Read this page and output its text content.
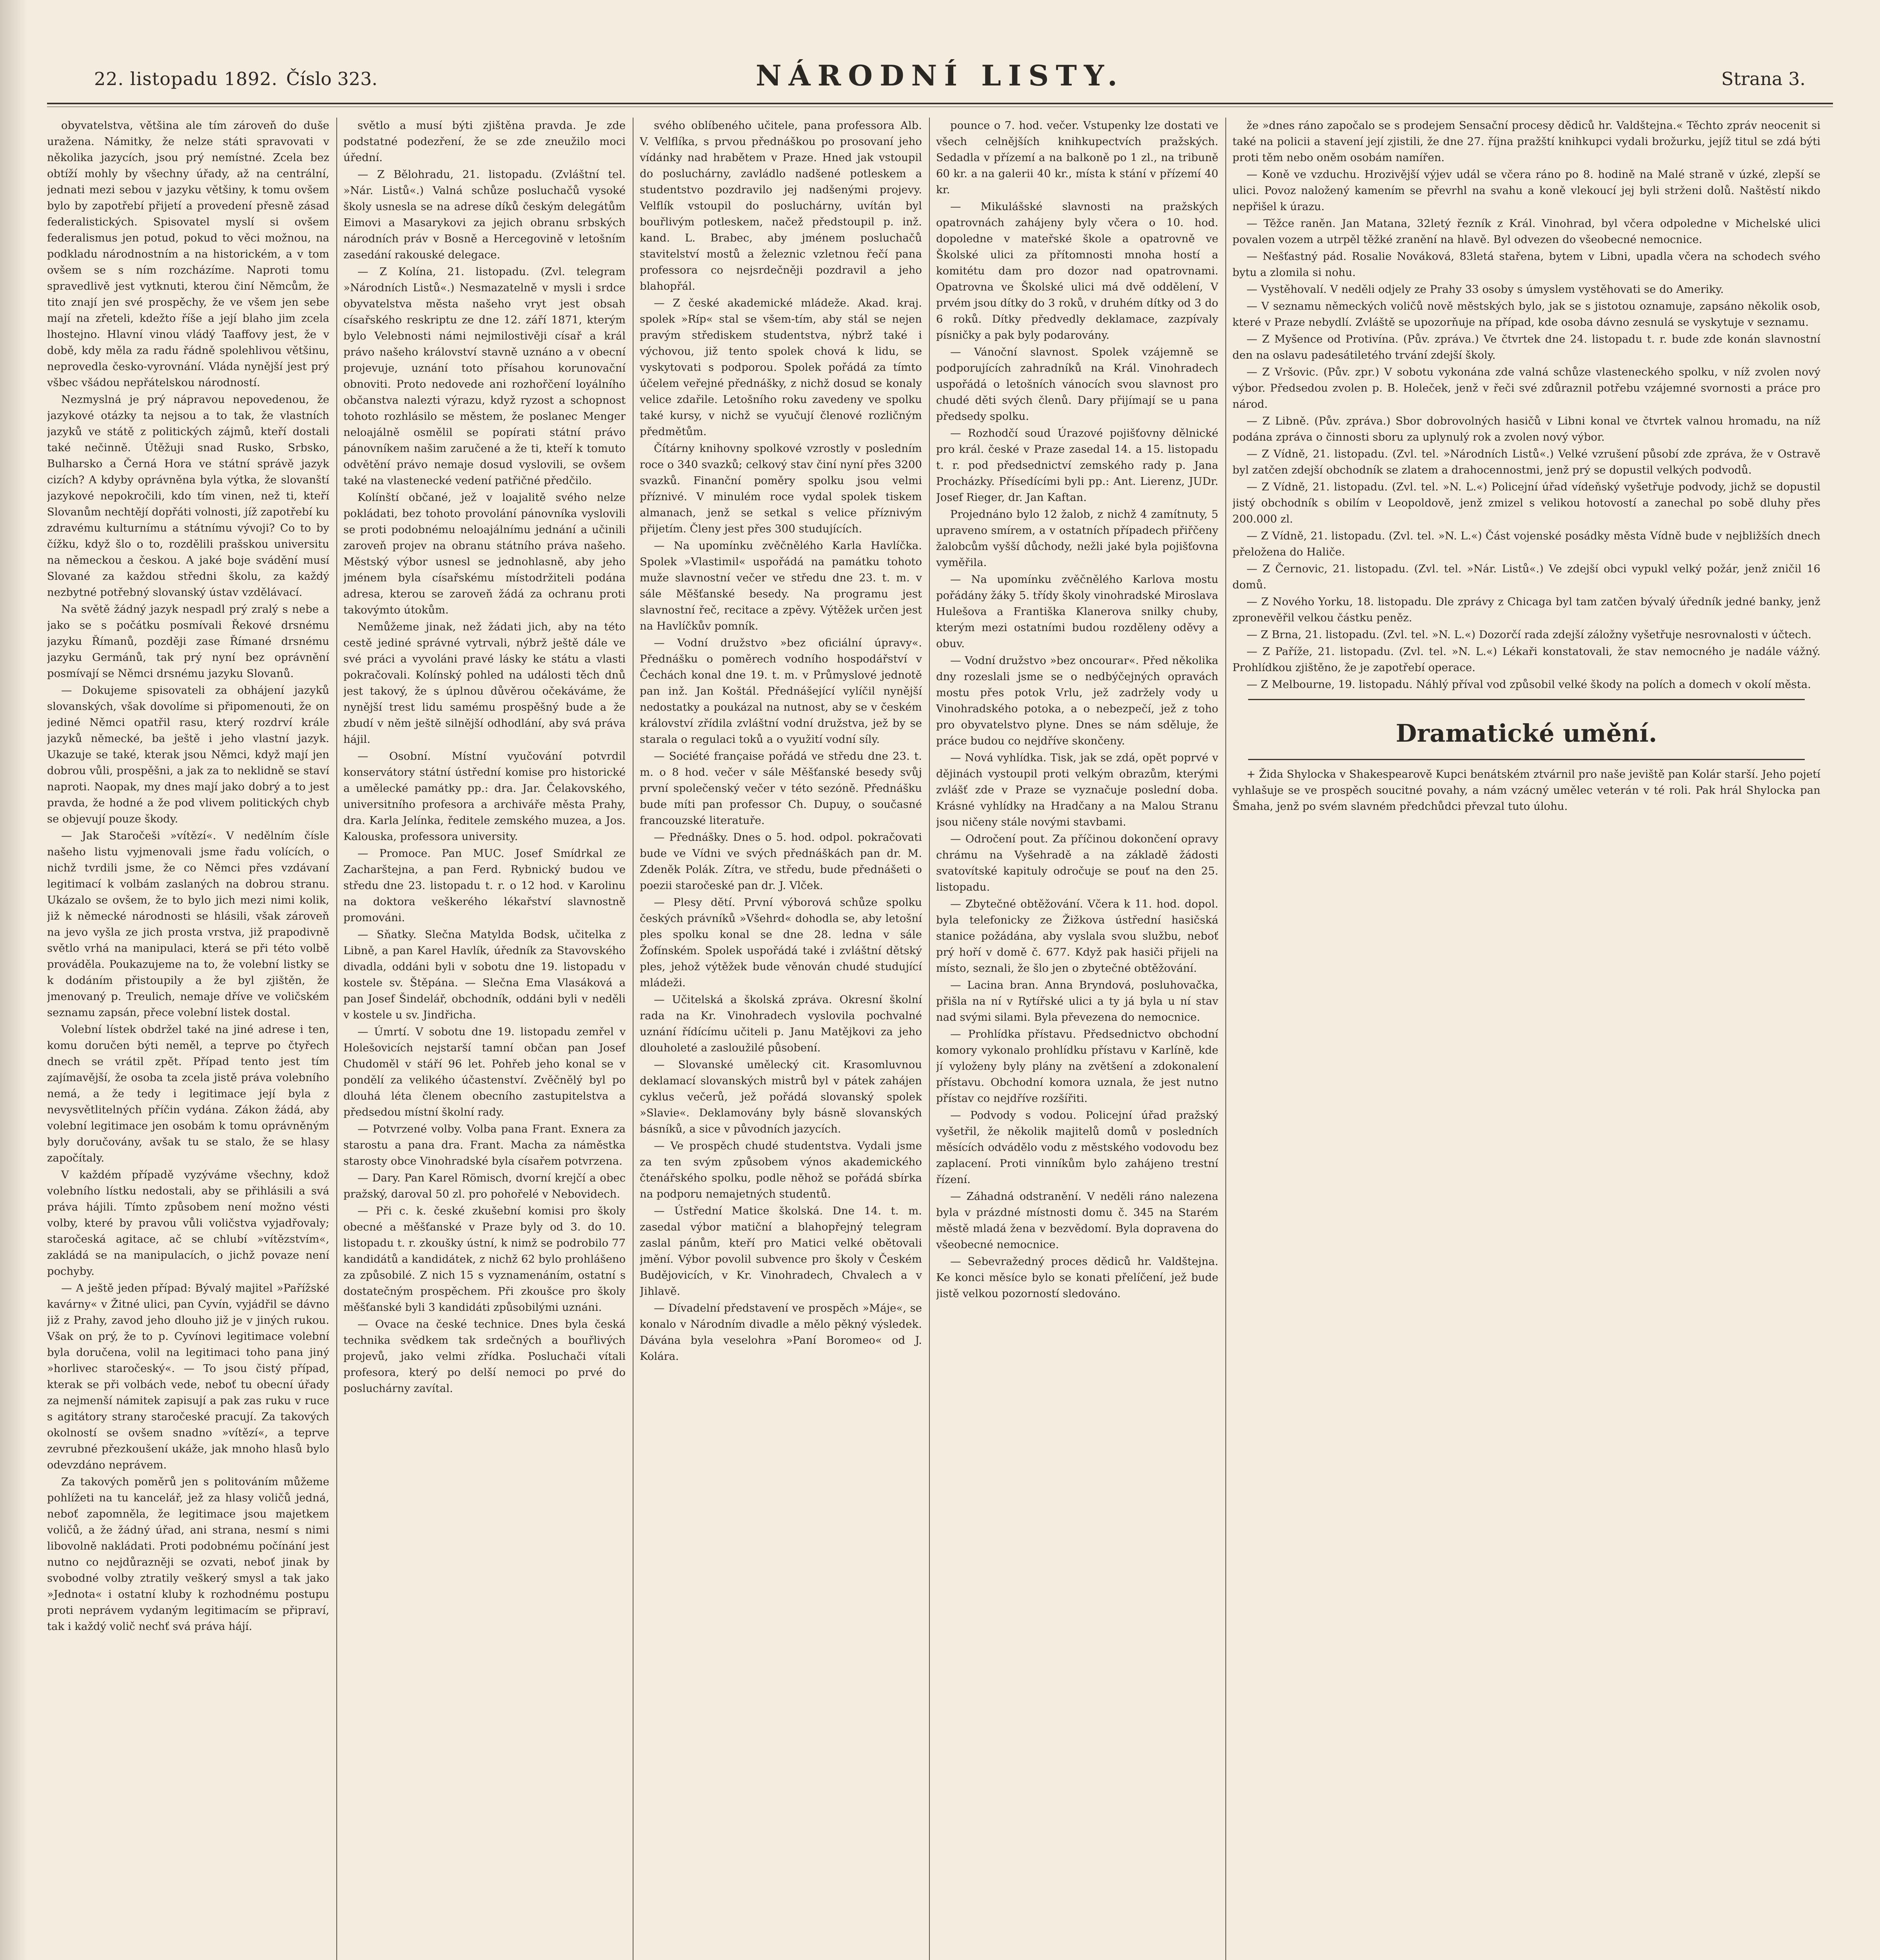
22. listopadu 1892. Číslo 323.	NÁRODNÍ LISTY.	Strana 3.

obyvatelstva, většina ale tím zároveň do duše uražena. Námitky, že nelze státi spravovati v několika jazycích, jsou prý nemístné. Zcela bez obtíží mohly by všechny úřady, až na centrální, jednati mezi sebou v jazyku většiny, k tomu ovšem bylo by zapotřebí přijetí a provedení přesně zásad federalistických. Spisovatel myslí si ovšem federalismus jen potud, pokud to věci možnou, na podkladu národnostním a na historickém, a v tom ovšem se s ním rozcházíme. Naproti tomu spravedlivě jest vytknuti, kterou činí Němcům, že tito znají jen své prospěchy, že ve všem jen sebe mají na zřeteli, kdežto říše a její blaho jim zcela lhostejno. Hlavní vinou vládý Taaffovy jest, že v době, kdy měla za radu řádně spolehlivou většinu, neprovedla česko-vyrovnání. Vláda nynější jest prý všbec všádou nepřátelskou národností.

Nezmyslná je prý nápravou nepovedenou, že jazykové otázky ta nejsou a to tak, že vlastních jazyků ve státě z politických zájmů, kteří dostali také nečinně. Útěžuji snad Rusko, Srbsko, Bulharsko a Černá Hora ve státní správě jazyk cizích? A kdyby oprávněna byla výtka, že slovanští jazykové nepokročili, kdo tím vinen, než ti, kteří Slovanům nechtějí dopřáti volnosti, jíž zapotřebí ku zdravému kulturnímu a státnímu vývoji? Co to by čížku, když šlo o to, rozdělili prašskou universitu na německou a českou. A jaké boje svádění musí Slované za každou středni školu, za každý nezbytné potřebný slovanský ústav vzdělávací.

Na světě žádný jazyk nespadl prý zralý s nebe a jako se s počátku posmívali Řekové drsnému jazyku Římanů, později zase Římané drsnému jazyku Germánů, tak prý nyní bez oprávnění posmívají se Němci drsnému jazyku Slovanů.

— Dokujeme spisovateli za obhájení jazyků slovanských, však dovolíme si připomenouti, že on jediné Němci opatřil rasu, který rozdrví krále jazyků německé, ba ještě i jeho vlastní jazyk. Ukazuje se také, kterak jsou Němci, když mají jen dobrou vůli, prospěšni, a jak za to neklidně se staví naproti. Naopak, my dnes mají jako dobrý a to jest pravda, že hodné a že pod vlivem politických chyb se objevují pouze škody.

— Jak Staročeši »vítězí«. V nedělním čísle našeho listu vyjmenovali jsme řadu volících, o nichž tvrdili jsme, že co Němci přes vzdávaní legitimací k volbám zaslaných na dobrou stranu. Ukázalo se ovšem, že to bylo jich mezi nimi kolik, již k německé národnosti se hlásili, však zároveň na jevo vyšla ze jich prosta vrstva, již prapodivně světlo vrhá na manipulaci, která se při této volbě prováděla. Poukazujeme na to, že volební listky se k dodáním přistoupily a že byl zjištěn, že jmenovaný p. Treulich, nemaje dříve ve voličském seznamu zapsán, přece volební listek dostal.

Volební lístek obdržel také na jiné adrese i ten, komu doručen býti neměl, a teprve po čtyřech dnech se vrátil zpět. Případ tento jest tím zajímavější, že osoba ta zcela jistě práva volebního nemá, a že tedy i legitimace její byla z nevysvětlitelných příčin vydána. Zákon žádá, aby volební legitimace jen osobám k tomu oprávněným byly doručovány, avšak tu se stalo, že se hlasy započítaly.

V každém případě vyzýváme všechny, kdož volebního lístku nedostali, aby se přihlásili a svá práva hájili. Tímto způsobem není možno vésti volby, které by pravou vůli voličstva vyjadřovaly; staročeská agitace, ač se chlubí »vítězstvím«, zakládá se na manipulacích, o jichž povaze není pochyby.

— A ještě jeden případ: Bývalý majitel »Pařížské kavárny« v Žitné ulici, pan Cyvín, vyjádřil se dávno již z Prahy, zavod jeho dlouho již je v jiných rukou. Však on prý, že to p. Cyvínovi legitimace volební byla doručena, volil na legitimaci toho pana jiný »horlivec staročeský«. — To jsou čistý případ, kterak se při volbách vede, neboť tu obecní úřady za nejmenší námitek zapisují a pak zas ruku v ruce s agitátory strany staročeské pracují. Za takových okolností se ovšem snadno »vítězí«, a teprve zevrubné přezkoušení ukáže, jak mnoho hlasů bylo odevzdáno neprávem.

Za takových poměrů jen s politováním můžeme pohlížeti na tu kancelář, jež za hlasy voličů jedná, neboť zapomněla, že legitimace jsou majetkem voličů, a že žádný úřad, ani strana, nesmí s nimi libovolně nakládati. Proti podobnému počínání jest nutno co nejdůrazněji se ozvati, neboť jinak by svobodné volby ztratily veškerý smysl a tak jako »Jednota« i ostatní kluby k rozhodnému postupu proti neprávem vydaným legitimacím se připraví, tak i každý volič nechť svá práva hájí.

světlo a musí býti zjištěna pravda. Je zde podstatné podezření, že se zde zneužilo moci úřední.

— Z Bělohradu, 21. listopadu. (Zvláštní tel. »Nár. Listů«.) Valná schůze posluchačů vysoké školy usnesla se na adrese díků českým delegátům Eimovi a Masarykovi za jejich obranu srbských národních práv v Bosně a Hercegovině v letošním zasedání rakouské delegace.

— Z Kolína, 21. listopadu. (Zvl. telegram »Národních Listů«.) Nesmazatelně v mysli i srdce obyvatelstva města našeho vryt jest obsah císařského reskriptu ze dne 12. září 1871, kterým bylo Velebnosti námi nejmilostivěji císař a král právo našeho království stavně uznáno a v obecní projevuje, uznání toto přísahou korunovační obnoviti. Proto nedovede ani rozhořčení loyálního občanstva nalezti výrazu, když ryzost a schopnost tohoto rozhlásilo se městem, že poslanec Menger neloajálně osmělil se popírati státní právo pánovníkem našim zaručené a že ti, kteří k tomuto odvětění právo nemaje dosud vyslovili, se ovšem také na vlastenecké vedení patřičné předčilo.

Kolínští občané, jež v loajalitě svého nelze pokládati, bez tohoto provolání pánovníka vyslovili se proti podobnému neloajálnímu jednání a učinili zaroveň projev na obranu státního práva našeho. Městský výbor usnesl se jednohlasně, aby jeho jménem byla císařskému místodržiteli podána adresa, kterou se zaroveň žádá za ochranu proti takovýmto útokům.

Nemůžeme jinak, než žádati jich, aby na této cestě jediné správné vytrvali, nýbrž ještě dále ve své práci a vyvoláni pravé lásky ke státu a vlasti pokračovali. Kolínský pohled na události těch dnů jest takový, že s úplnou důvěrou očekáváme, že nynější trest lidu samému prospěšný bude a že zbudí v něm ještě silnější odhodlání, aby svá práva hájil.

— Osobní. Místní vyučování potvrdil konservátory státní ústřední komise pro historické a umělecké památky pp.: dra. Jar. Čelakovského, universitního profesora a archiváře města Prahy, dra. Karla Jelínka, ředitele zemského muzea, a Jos. Kalouska, professora university.

— Promoce. Pan MUC. Josef Smídrkal ze Zacharštejna, a pan Ferd. Rybnický budou ve středu dne 23. listopadu t. r. o 12 hod. v Karolinu na doktora veškerého lékařství slavnostně promováni.

— Sňatky. Slečna Matylda Bodsk, učitelka z Libně, a pan Karel Havlík, úředník za Stavovského divadla, oddáni byli v sobotu dne 19. listopadu v kostele sv. Štěpána. — Slečna Ema Vlasáková a pan Josef Šindelář, obchodník, oddáni byli v neděli v kostele u sv. Jindřicha.

— Úmrtí. V sobotu dne 19. listopadu zemřel v Holešovicích nejstarší tamní občan pan Josef Chudoměl v stáří 96 let. Pohřeb jeho konal se v pondělí za velikého účastenství. Zvěčnělý byl po dlouhá léta členem obecního zastupitelstva a předsedou místní školní rady.

— Potvrzené volby. Volba pana Frant. Exnera za starostu a pana dra. Frant. Macha za náměstka starosty obce Vinohradské byla císařem potvrzena.

— Dary. Pan Karel Römisch, dvorní krejčí a obec pražský, daroval 50 zl. pro pohořelé v Nebovidech.

— Při c. k. české zkušební komisi pro školy obecné a měšťanské v Praze byly od 3. do 10. listopadu t. r. zkoušky ústní, k nimž se podrobilo 77 kandidátů a kandidátek, z nichž 62 bylo prohlášeno za způsobilé. Z nich 15 s vyznamenáním, ostatní s dostatečným prospěchem. Při zkoušce pro školy měšťanské byli 3 kandidáti způsobilými uznáni.

— Ovace na české technice. Dnes byla česká technika svědkem tak srdečných a bouřlivých projevů, jako velmi zřídka. Posluchači vítali profesora, který po delší nemoci po prvé do posluchárny zavítal.

svého oblíbeného učitele, pana professora Alb. V. Velflíka, s prvou přednáškou po prosovaní jeho vídánky nad hrabětem v Praze. Hned jak vstoupil do posluchárny, zavládlo nadšené potleskem a studentstvo pozdravilo jej nadšenými projevy. Velflík vstoupil do posluchárny, uvítán byl bouřlivým potleskem, načež předstoupil p. inž. kand. L. Brabec, aby jménem posluchačů stavitelství mostů a železnic vzletnou řečí pana professora co nejsrdečněji pozdravil a jeho blahopřál.

— Z české akademické mládeže. Akad. kraj. spolek »Ríp« stal se všem-tím, aby stál se nejen pravým střediskem studentstva, nýbrž také i výchovou, již tento spolek chová k lidu, se vyskytovati s podporou. Spolek pořádá za tímto účelem veřejné přednášky, z nichž dosud se konaly velice zdařile. Letošního roku zavedeny ve spolku také kursy, v nichž se vyučují členové rozličným předmětům.

Čítárny knihovny spolkové vzrostly v posledním roce o 340 svazků; celkový stav činí nyní přes 3200 svazků. Finanční poměry spolku jsou velmi příznivé. V minulém roce vydal spolek tiskem almanach, jenž se setkal s velice příznivým přijetím. Členy jest přes 300 studujících.

— Na upomínku zvěčnělého Karla Havlíčka. Spolek »Vlastimil« uspořádá na památku tohoto muže slavnostní večer ve středu dne 23. t. m. v sále Měšťanské besedy. Na programu jest slavnostní řeč, recitace a zpěvy. Výtěžek určen jest na Havlíčkův pomník.

— Vodní družstvo »bez oficiální úpravy«. Přednášku o poměrech vodního hospodářství v Čechách konal dne 19. t. m. v Průmyslové jednotě pan inž. Jan Koštál. Přednášející vylíčil nynější nedostatky a poukázal na nutnost, aby se v českém království zřídila zvláštní vodní družstva, jež by se starala o regulaci toků a o využití vodní síly.

— Société française pořádá ve středu dne 23. t. m. o 8 hod. večer v sále Měšťanské besedy svůj první společenský večer v této sezóně. Přednášku bude míti pan professor Ch. Dupuy, o současné francouzské literatuře.

— Přednášky. Dnes o 5. hod. odpol. pokračovati bude ve Vídni ve svých přednáškách pan dr. M. Zdeněk Polák. Zítra, ve středu, bude přednášeti o poezii staročeské pan dr. J. Vlček.

— Plesy dětí. První výborová schůze spolku českých právníků »Všehrd« dohodla se, aby letošní ples spolku konal se dne 28. ledna v sále Žofínském. Spolek uspořádá také i zvláštní dětský ples, jehož výtěžek bude věnován chudé studující mládeži.

— Učitelská a školská zpráva. Okresní školní rada na Kr. Vinohradech vyslovila pochvalné uznání řídícímu učiteli p. Janu Matějkovi za jeho dlouholeté a zasloužilé působení.

— Slovanské umělecký cit. Krasomluvnou deklamací slovanských mistrů byl v pátek zahájen cyklus večerů, jež pořádá slovanský spolek »Slavie«. Deklamovány byly básně slovanských básníků, a sice v původních jazycích.

— Ve prospěch chudé studentstva. Vydali jsme za ten svým způsobem výnos akademického čtenářského spolku, podle něhož se pořádá sbírka na podporu nemajetných studentů.

— Ústřední Matice školská. Dne 14. t. m. zasedal výbor matiční a blahopřejný telegram zaslal pánům, kteří pro Matici velké obětovali jmění. Výbor povolil subvence pro školy v Českém Budějovicích, v Kr. Vinohradech, Chvalech a v Jihlavě.

— Dívadelní představení ve prospěch »Máje«, se konalo v Národním divadle a mělo pěkný výsledek. Dávána byla veselohra »Paní Boromeo« od J. Kolára.

pounce o 7. hod. večer. Vstupenky lze dostati ve všech celnějších knihkupectvích pražských. Sedadla v přízemí a na balkoně po 1 zl., na tribuně 60 kr. a na galerii 40 kr., místa k stání v přízemí 40 kr.

— Mikulášské slavnosti na pražských opatrovnách zahájeny byly včera o 10. hod. dopoledne v mateřské škole a opatrovně ve Školské ulici za přítomnosti mnoha hostí a komitétu dam pro dozor nad opatrovnami. Opatrovna ve Školské ulici má dvě oddělení, V prvém jsou dítky do 3 roků, v druhém dítky od 3 do 6 roků. Dítky předvedly deklamace, zazpívaly písničky a pak byly podarovány.

— Vánoční slavnost. Spolek vzájemně se podporujících zahradníků na Král. Vinohradech uspořádá o letošních vánocích svou slavnost pro chudé děti svých členů. Dary přijímají se u pana předsedy spolku.

— Rozhodčí soud Úrazové pojišťovny dělnické pro král. české v Praze zasedal 14. a 15. listopadu t. r. pod předsednictví zemského rady p. Jana Procházky. Přísedícími byli pp.: Ant. Lierenz, JUDr. Josef Rieger, dr. Jan Kaftan.

Projednáno bylo 12 žalob, z nichž 4 zamítnuty, 5 upraveno smírem, a v ostatních případech přiřčeny žalobcům vyšší důchody, nežli jaké byla pojišťovna vyměřila.

— Na upomínku zvěčnělého Karlova mostu pořádány žáky 5. třídy školy vinohradské Miroslava Hulešova a Františka Klanerova snilky chuby, kterým mezi ostatními budou rozděleny oděvy a obuv.

— Vodní družstvo »bez oncourar«. Před několika dny rozeslali jsme se o nedbýčejných opravách mostu přes potok Vrlu, jež zadržely vody u Vinohradského potoka, a o nebezpečí, jež z toho pro obyvatelstvo plyne. Dnes se nám sděluje, že práce budou co nejdříve skončeny.

— Nová vyhlídka. Tisk, jak se zdá, opět poprvé v dějinách vystoupil proti velkým obrazům, kterými zvlášť zde v Praze se vyznačuje poslední doba. Krásné vyhlídky na Hradčany a na Malou Stranu jsou ničeny stále novými stavbami.

— Odročení pout. Za příčinou dokončení opravy chrámu na Vyšehradě a na základě žádosti svatovítské kapituly odročuje se pouť na den 25. listopadu.

— Zbytečné obtěžování. Včera k 11. hod. dopol. byla telefonicky ze Žižkova ústřední hasičská stanice požádána, aby vyslala svou službu, neboť prý hoří v domě č. 677. Když pak hasiči přijeli na místo, seznali, že šlo jen o zbytečné obtěžování.

— Lacina bran. Anna Bryndová, posluhovačka, přišla na ní v Rytířské ulici a ty já byla u ní stav nad svými silami. Byla převezena do nemocnice.

— Prohlídka přístavu. Předsednictvo obchodní komory vykonalo prohlídku přístavu v Karlíně, kde jí vyloženy byly plány na zvětšení a zdokonalení přístavu. Obchodní komora uznala, že jest nutno přístav co nejdříve rozšířiti.

— Podvody s vodou. Policejní úřad pražský vyšetřil, že několik majitelů domů v posledních měsících odvádělo vodu z městského vodovodu bez zaplacení. Proti vinníkům bylo zahájeno trestní řízení.

— Záhadná odstranění. V neděli ráno nalezena byla v prázdné místnosti domu č. 345 na Starém městě mladá žena v bezvědomí. Byla dopravena do všeobecné nemocnice.

— Sebevražedný proces dědiců hr. Valdštejna. Ke konci měsíce bylo se konati přelíčení, jež bude jistě velkou pozorností sledováno.

že »dnes ráno započalo se s prodejem Sensační procesy dědiců hr. Valdštejna.« Těchto zpráv neocenit si také na policii a stavení její zjistili, že dne 27. října pražští knihkupci vydali brožurku, jejíž titul se zdá býti proti těm nebo oněm osobám namířen.

— Koně ve vzduchu. Hrozivější výjev udál se včera ráno po 8. hodině na Malé straně v úzké, zlepší se ulici. Povoz naložený kamením se převrhl na svahu a koně vlekoucí jej byli strženi dolů. Naštěstí nikdo nepřišel k úrazu.

— Těžce raněn. Jan Matana, 32letý řezník z Král. Vinohrad, byl včera odpoledne v Michelské ulici povalen vozem a utrpěl těžké zranění na hlavě. Byl odvezen do všeobecné nemocnice.

— Nešťastný pád. Rosalie Nováková, 83letá stařena, bytem v Libni, upadla včera na schodech svého bytu a zlomila si nohu.

— Vystěhovalí. V neděli odjely ze Prahy 33 osoby s úmyslem vystěhovati se do Ameriky.

— V seznamu německých voličů nově městských bylo, jak se s jistotou oznamuje, zapsáno několik osob, které v Praze nebydlí. Zvláště se upozorňuje na případ, kde osoba dávno zesnulá se vyskytuje v seznamu.

— Z Myšence od Protivína. (Pův. zpráva.) Ve čtvrtek dne 24. listopadu t. r. bude zde konán slavnostní den na oslavu padesátiletého trvání zdejší školy.

— Z Vršovic. (Pův. zpr.) V sobotu vykonána zde valná schůze vlasteneckého spolku, v níž zvolen nový výbor. Předsedou zvolen p. B. Holeček, jenž v řeči své zdůraznil potřebu vzájemné svornosti a práce pro národ.

— Z Libně. (Pův. zpráva.) Sbor dobrovolných hasičů v Libni konal ve čtvrtek valnou hromadu, na níž podána zpráva o činnosti sboru za uplynulý rok a zvolen nový výbor.

— Z Vídně, 21. listopadu. (Zvl. tel. »Národních Listů«.) Velké vzrušení působí zde zpráva, že v Ostravě byl zatčen zdejší obchodník se zlatem a drahocennostmi, jenž prý se dopustil velkých podvodů.

— Z Vídně, 21. listopadu. (Zvl. tel. »N. L.«) Policejní úřad vídeňský vyšetřuje podvody, jichž se dopustil jistý obchodník s obilím v Leopoldově, jenž zmizel s velikou hotovostí a zanechal po sobě dluhy přes 200.000 zl.

— Z Vídně, 21. listopadu. (Zvl. tel. »N. L.«) Část vojenské posádky města Vídně bude v nejbližších dnech přeložena do Haliče.

— Z Černovic, 21. listopadu. (Zvl. tel. »Nár. Listů«.) Ve zdejší obci vypukl velký požár, jenž zničil 16 domů.

— Z Nového Yorku, 18. listopadu. Dle zprávy z Chicaga byl tam zatčen bývalý úředník jedné banky, jenž zpronevěřil velkou částku peněz.

— Z Brna, 21. listopadu. (Zvl. tel. »N. L.«) Dozorčí rada zdejší záložny vyšetřuje nesrovnalosti v účtech.

— Z Paříže, 21. listopadu. (Zvl. tel. »N. L.«) Lékaři konstatovali, že stav nemocného je nadále vážný. Prohlídkou zjištěno, že je zapotřebí operace.

— Z Melbourne, 19. listopadu. Náhlý příval vod způsobil velké škody na polích a domech v okolí města.

Dramatické umění.

+ Žida Shylocka v Shakespearově Kupci benátském ztvárnil pro naše jeviště pan Kolár starší. Jeho pojetí vyhlašuje se ve prospěch soucitné povahy, a nám vzácný umělec veterán v té roli. Pak hrál Shylocka pan Šmaha, jenž po svém slavném předchůdci převzal tuto úlohu.
